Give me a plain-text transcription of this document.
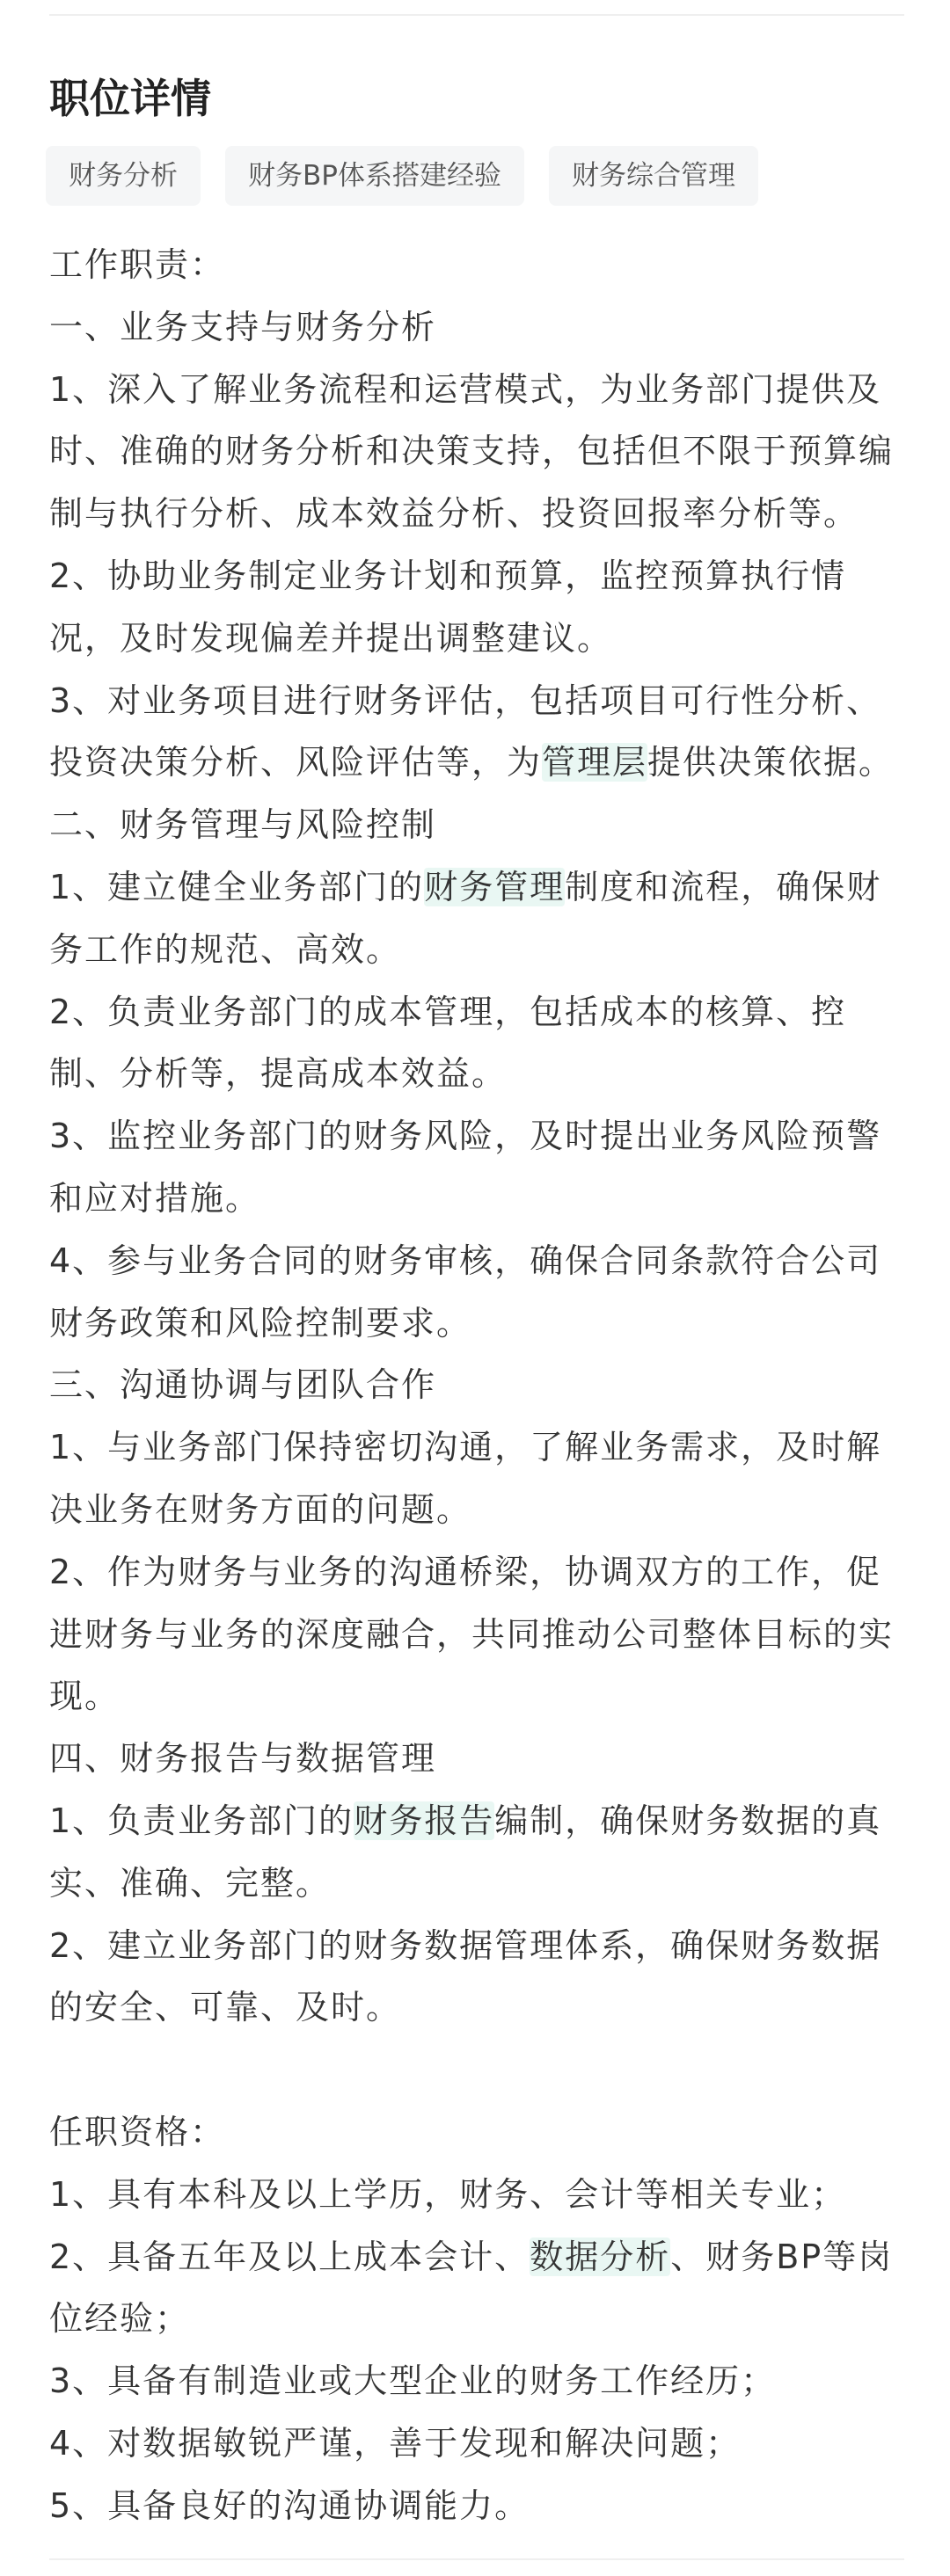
职位详情
财务分析	财务BP体系搭建经验	财务综合管理
工作职责：
一、业务支持与财务分析
1、深入了解业务流程和运营模式，为业务部门提供及
时、准确的财务分析和决策支持，包括但不限于预算编
制与执行分析、成本效益分析、投资回报率分析等。
2、协助业务制定业务计划和预算，监控预算执行情
况，及时发现偏差并提出调整建议。
3、对业务项目进行财务评估，包括项目可行性分析、
投资决策分析、风险评估等，为管理层提供决策依据。
二、财务管理与风险控制
1、建立健全业务部门的财务管理制度和流程，确保财
务工作的规范、高效。
2、负责业务部门的成本管理，包括成本的核算、控
制、分析等，提高成本效益。
3、监控业务部门的财务风险，及时提出业务风险预警
和应对措施。
4、参与业务合同的财务审核，确保合同条款符合公司
财务政策和风险控制要求。
三、沟通协调与团队合作
1、与业务部门保持密切沟通，了解业务需求，及时解
决业务在财务方面的问题。
2、作为财务与业务的沟通桥梁，协调双方的工作，促
进财务与业务的深度融合，共同推动公司整体目标的实
现。
四、财务报告与数据管理
1、负责业务部门的财务报告编制，确保财务数据的真
实、准确、完整。
2、建立业务部门的财务数据管理体系，确保财务数据
的安全、可靠、及时。
任职资格：
1、具有本科及以上学历，财务、会计等相关专业；
2、具备五年及以上成本会计、数据分析、财务BP等岗
位经验；
3、具备有制造业或大型企业的财务工作经历；
4、对数据敏锐严谨，善于发现和解决问题；
5、具备良好的沟通协调能力。
